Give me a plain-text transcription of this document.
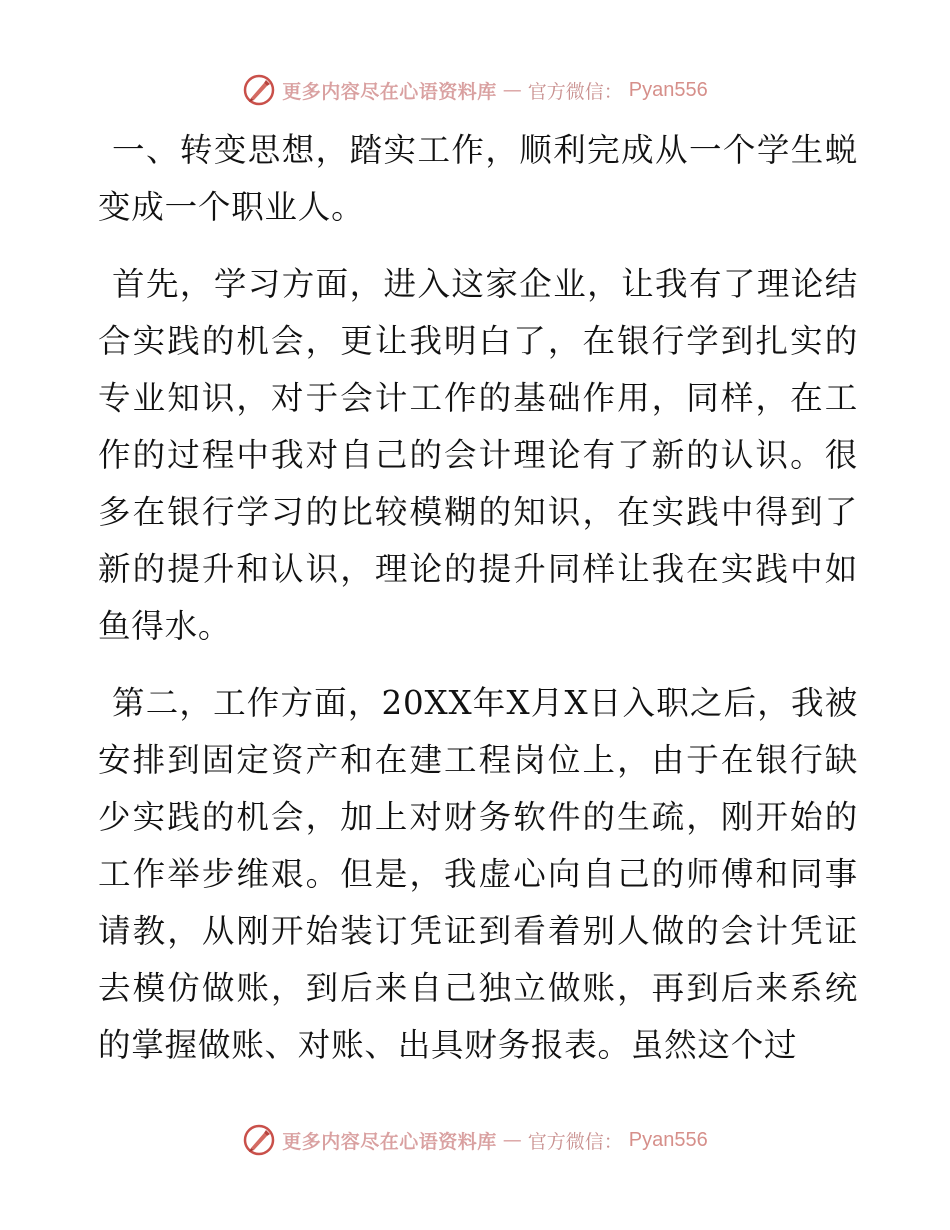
更多内容尽在心语资料库 — 官方微信： Pyan556

一、转变思想，踏实工作，顺利完成从一个学生蜕变成一个职业人。

首先，学习方面，进入这家企业，让我有了理论结合实践的机会，更让我明白了，在银行学到扎实的专业知识，对于会计工作的基础作用，同样，在工作的过程中我对自己的会计理论有了新的认识。很多在银行学习的比较模糊的知识，在实践中得到了新的提升和认识，理论的提升同样让我在实践中如鱼得水。

第二，工作方面，20XX年X月X日入职之后，我被安排到固定资产和在建工程岗位上，由于在银行缺少实践的机会，加上对财务软件的生疏，刚开始的工作举步维艰。但是，我虚心向自己的师傅和同事请教，从刚开始装订凭证到看着别人做的会计凭证去模仿做账，到后来自己独立做账，再到后来系统的掌握做账、对账、出具财务报表。虽然这个过

更多内容尽在心语资料库 — 官方微信： Pyan556
